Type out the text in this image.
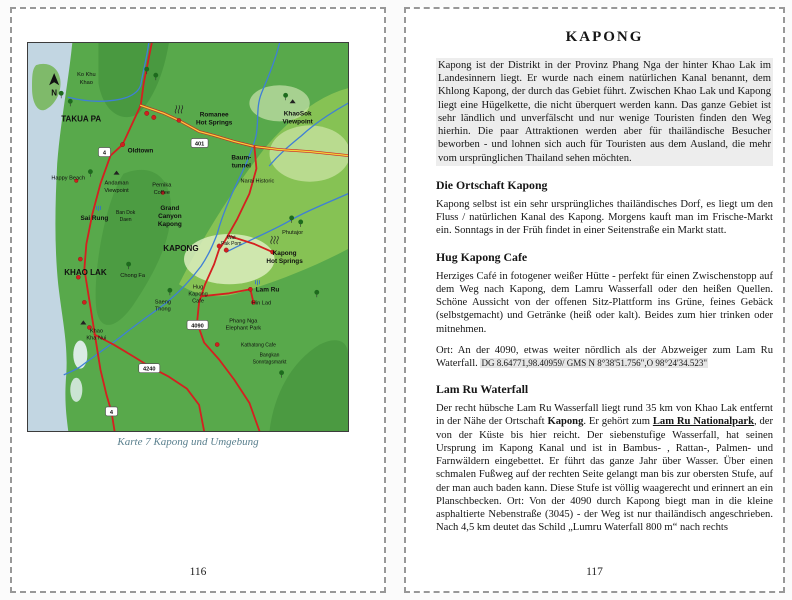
N
4
401
4090
4240
4
Ko Khu
Khao
TAKUA PA	Romanee
Hot Springs
KhaoSok
Viewpoint
Oldtown
Baum-
tunnel
Happy Beach
Andaman
Viewpoint
Pernika
Coffee
Narai Historic
Sai Rung
Ban Dok
Daen
Grand
Canyon
Kapong
Phutajor
KAPONG
Wat
Pak Pom
Kapong
Hot Springs
KHAO LAK Chong Fa
Lam Ru
Hug
Kapong
Cafe
Saeng
Thong
Hin Lad
Khao
Kha Nui
Phang Nga
Elephant Park
Kathatong Cafe
Bangkan
Sonntagsmarkt
Karte 7 Kapong und Umgebung
116
KAPONG

Kapong ist der Distrikt in der Provinz Phang Nga der hinter Khao Lak im Landesinnern liegt. Er wurde nach einem natürlichen Kanal benannt, dem Khlong Kapong, der durch das Gebiet führt. Zwischen Khao Lak und Kapong liegt eine Hügelkette, die nicht überquert werden kann. Das ganze Gebiet ist sehr ländlich und unverfälscht und nur wenige Touristen finden den Weg hierhin. Die paar Attraktionen werden aber für thailändische Besucher beworben - und lohnen sich auch für Touristen aus dem Ausland, die mehr vom ursprünglichen Thailand sehen möchten.

Die Ortschaft Kapong

Kapong selbst ist ein sehr ursprüngliches thailändisches Dorf, es liegt um den Fluss / natürlichen Kanal des Kapong. Morgens kauft man im Frische-Markt ein. Sonntags in der Früh findet in einer Seitenstraße ein Markt statt.

Hug Kapong Cafe

Herziges Café in fotogener weißer Hütte - perfekt für einen Zwischenstopp auf dem Weg nach Kapong, dem Lamru Wasserfall oder den heißen Quellen. Schöne Aussicht von der offenen Sitz-Plattform ins Grüne, feines Gebäck (selbstgemacht) und Getränke (heiß oder kalt). Beides zum hier trinken oder mitnehmen.

Ort: An der 4090, etwas weiter nördlich als der Abzweiger zum Lam Ru Waterfall. DG 8.64771,98.40959/ GMS N 8°38'51.756",O 98°24'34.523"

Lam Ru Waterfall

Der recht hübsche Lam Ru Wasserfall liegt rund 35 km von Khao Lak entfernt in der Nähe der Ortschaft Kapong. Er gehört zum Lam Ru Nationalpark, der von der Küste bis hier reicht. Der siebenstufige Wasserfall, hat seinen Ursprung im Kapong Kanal und ist in Bambus- , Rattan-, Palmen- und Farnwäldern eingebettet. Er führt das ganze Jahr über Wasser. Über einen schmalen Fußweg auf der rechten Seite gelangt man bis zur obersten Stufe, auf der man auch baden kann. Diese Stufe ist völlig waagerecht und erinnert an ein Planschbecken. Ort: Von der 4090 durch Kapong biegt man in die kleine asphaltierte Nebenstraße (3045) - der Weg ist nur thailändisch angeschrieben. Nach 4,5 km deutet das Schild „Lumru Waterfall 800 m“ nach rechts

117
